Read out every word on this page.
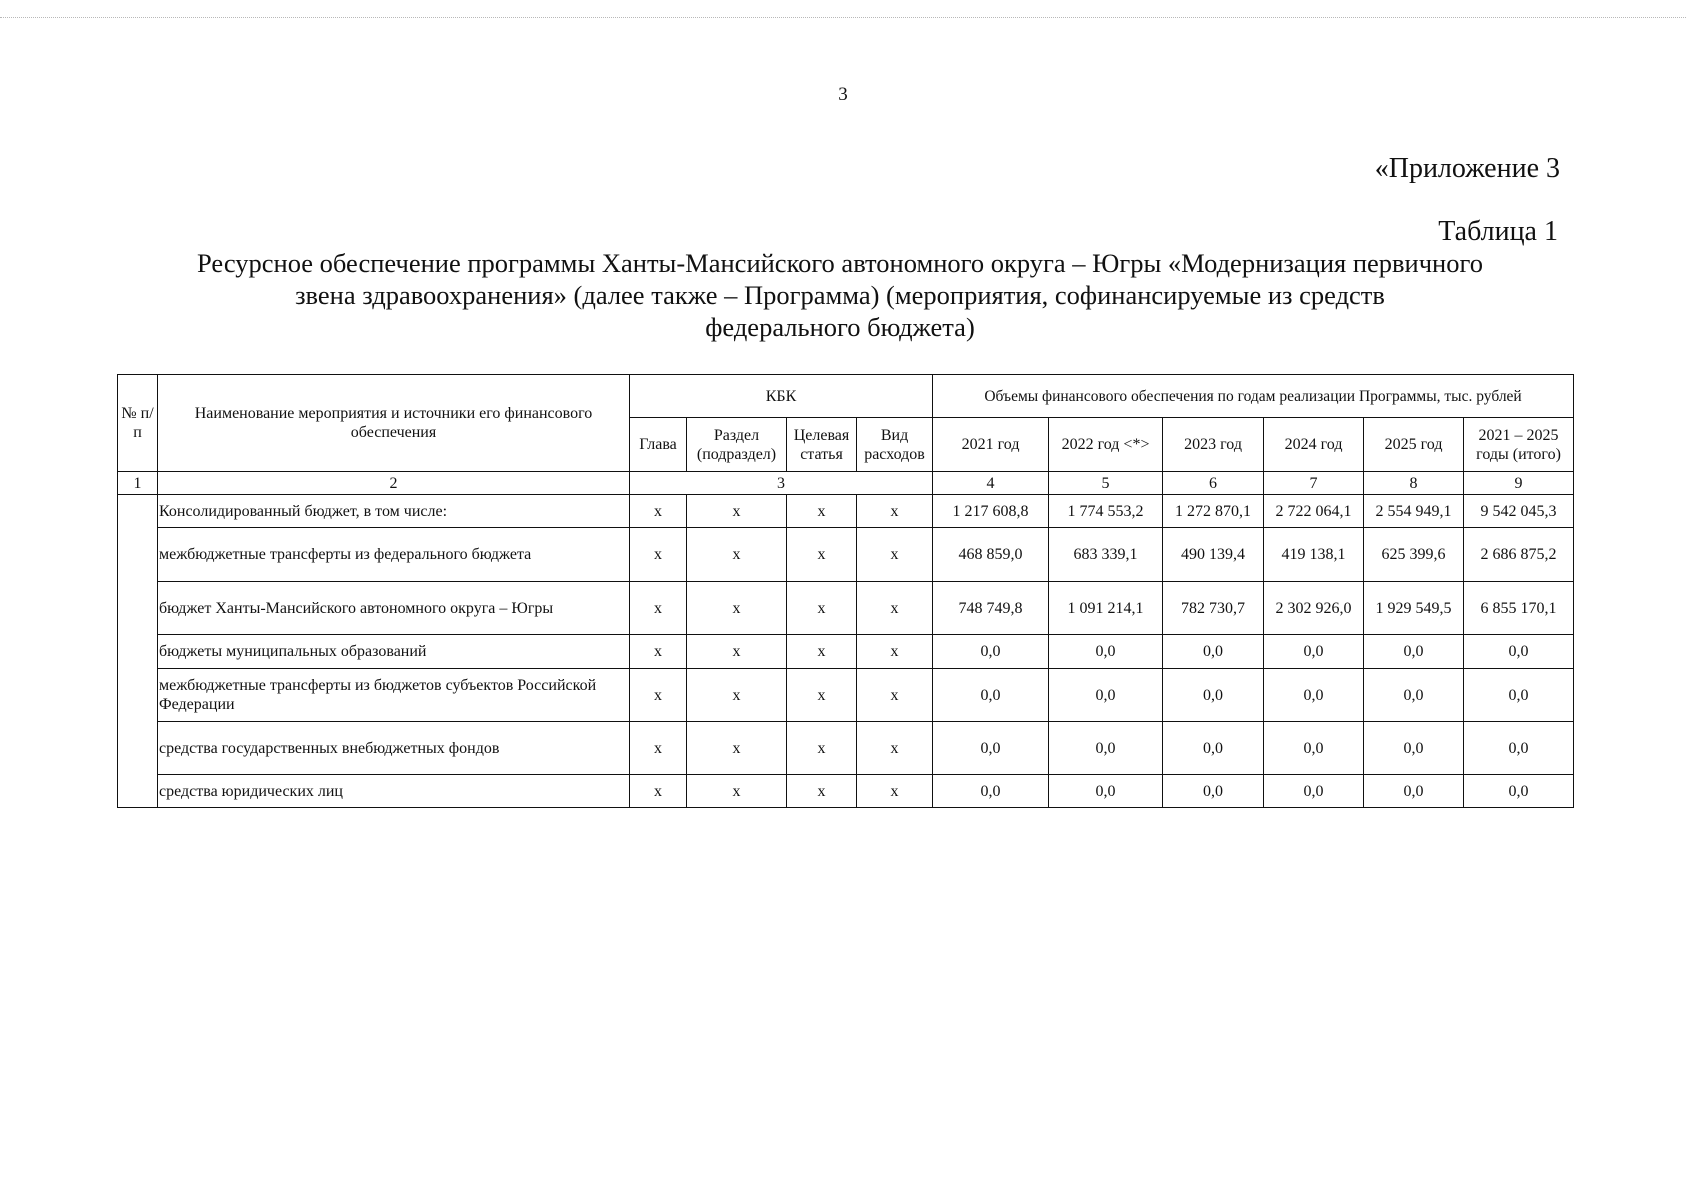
3
«Приложение 3
Таблица 1
Ресурсное обеспечение программы Ханты-Мансийского автономного округа – Югры «Модернизация первичного
звена здравоохранения» (далее также – Программа) (мероприятия, софинансируемые из средств
федерального бюджета)
№ п/п	Наименование мероприятия и источники его финансового обеспечения	КБК				Объемы финансового обеспечения по годам реализации Программы, тыс. рублей					
		Глава	Раздел (подраздел)	Целевая статья	Вид расходов	2021 год	2022 год <*>	2023 год	2024 год	2025 год	2021 – 2025 годы (итого)
1	2	3				4	5	6	7	8	9
	Консолидированный бюджет, в том числе:	x	x	x	x	1 217 608,8	1 774 553,2	1 272 870,1	2 722 064,1	2 554 949,1	9 542 045,3
	межбюджетные трансферты из федерального бюджета	x	x	x	x	468 859,0	683 339,1	490 139,4	419 138,1	625 399,6	2 686 875,2
	бюджет Ханты-Мансийского автономного округа – Югры	x	x	x	x	748 749,8	1 091 214,1	782 730,7	2 302 926,0	1 929 549,5	6 855 170,1
	бюджеты муниципальных образований	x	x	x	x	0,0	0,0	0,0	0,0	0,0	0,0
	межбюджетные трансферты из бюджетов субъектов Российской Федерации	x	x	x	x	0,0	0,0	0,0	0,0	0,0	0,0
	средства государственных внебюджетных фондов	x	x	x	x	0,0	0,0	0,0	0,0	0,0	0,0
	средства юридических лиц	x	x	x	x	0,0	0,0	0,0	0,0	0,0	0,0
